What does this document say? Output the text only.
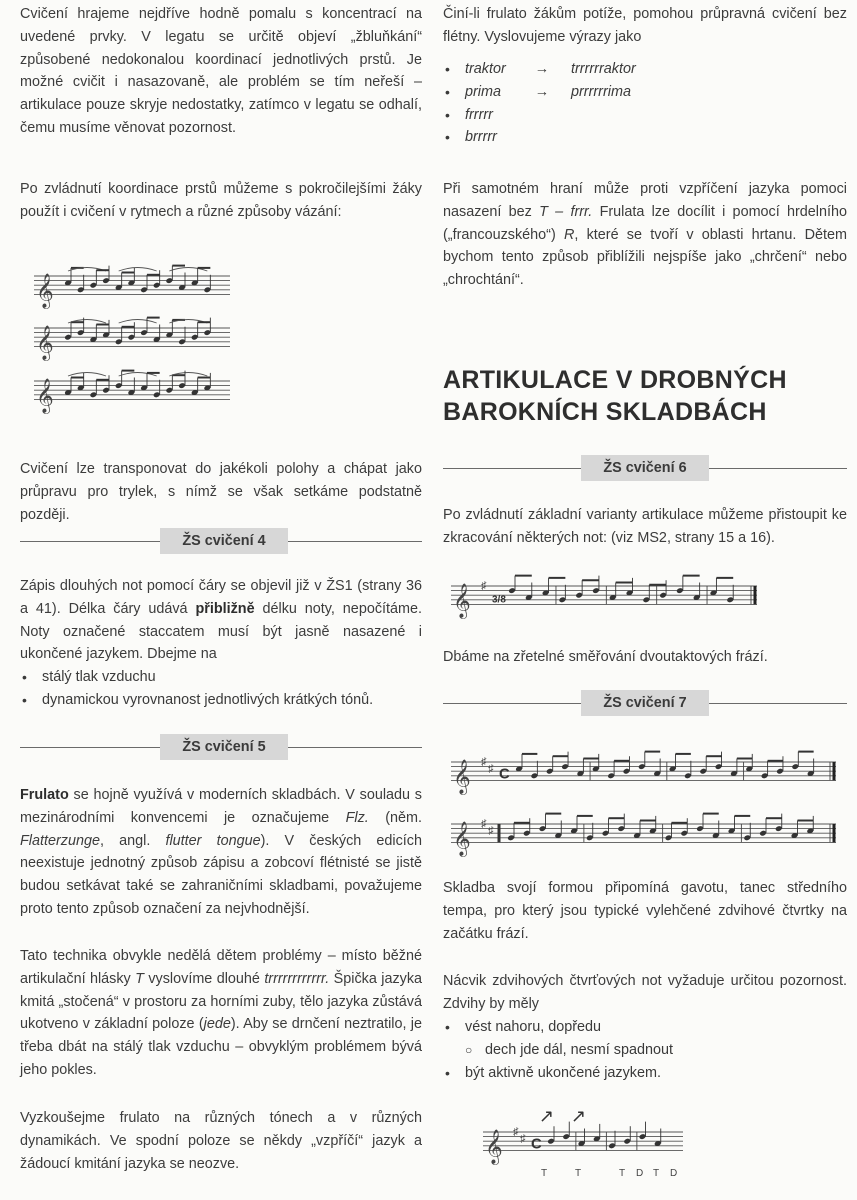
Cvičení hrajeme nejdříve hodně pomalu s koncentrací na uvedené prvky. V legatu se určitě objeví „žbluňkání“ způsobené nedokonalou koordinací jednotlivých prstů. Je možné cvičit i nasazovaně, ale problém se tím neřeší – artikulace pouze skryje nedostatky, zatímco v legatu se odhalí, čemu musíme věnovat pozornost.

Po zvládnutí koordinace prstů můžeme s pokročilejšími žáky použít i cvičení v rytmech a různé způsoby vázání:

𝄞
𝄞
𝄞

Cvičení lze transponovat do jakékoli polohy a chápat jako průpravu pro trylek, s nímž se však setkáme podstatně později.

ŽS cvičení 4

Zápis dlouhých not pomocí čáry se objevil již v ŽS1 (strany 36 a 41). Délka čáry udává přibližně délku noty, nepočítáme. Noty označené staccatem musí být jasně nasazené i ukončené jazykem. Dbejme na

• stálý tlak vzduchu
• dynamickou vyrovnanost jednotlivých krátkých tónů.
ŽS cvičení 5

Frulato se hojně využívá v moderních skladbách. V souladu s mezinárodními konvencemi je označujeme Flz. (něm. Flatterzunge, angl. flutter tongue). V českých edicích neexistuje jednotný způsob zápisu a zobcoví flétnisté se jistě budou setkávat také se zahraničními skladbami, považujeme proto tento způsob označení za nejvhodnější.

Tato technika obvykle nedělá dětem problémy – místo běžné artikulační hlásky T vyslovíme dlouhé trrrrrrrrrrrr. Špička jazyka kmitá „stočená“ v prostoru za horními zuby, tělo jazyka zůstává ukotveno v základní poloze (jede). Aby se drnčení neztratilo, je třeba dbát na stálý tlak vzduchu – obvyklým problémem bývá jeho pokles.

Vyzkoušejme frulato na různých tónech a v různých dynamikách. Ve spodní poloze se někdy „vzpříčí“ jazyk a žádoucí kmitání jazyka se neozve.

Činí-li frulato žákům potíže, pomohou průpravná cvičení bez flétny. Vyslovujeme výrazy jako

• traktor → trrrrrraktor
• prima → prrrrrrima
• frrrrr
• brrrrr

Při samotném hraní může proti vzpříčení jazyka pomoci nasazení bez T – frrr. Frulata lze docílit i pomocí hrdelního („francouzského“) R, které se tvoří v oblasti hrtanu. Dětem bychom tento způsob přiblížili nejspíše jako „chrčení“ nebo „chrochtání“.

ARTIKULACE V DROBNÝCH
BAROKNÍCH SKLADBÁCH
ŽS cvičení 6

Po zvládnutí základní varianty artikulace můžeme přistoupit ke zkracování některých not: (viz MS2, strany 15 a 16).

𝄞 ♯
3/8

Dbáme na zřetelné směřování dvoutaktových frází.

ŽS cvičení 7
𝄞 ♯
♯ C
𝄞 ♯
♯

Skladba svojí formou připomíná gavotu, tanec středního tempa, pro který jsou typické vylehčené zdvihové čtvrtky na začátku frází.

Nácvik zdvihových čtvrťových not vyžaduje určitou pozornost. Zdvihy by měly

• vést nahoru, dopředu
○ dech jde dál, nesmí spadnout
• být aktivně ukončené jazykem.
𝄞 ♯
♯ C
T	T	T D T D
↗ ↗
